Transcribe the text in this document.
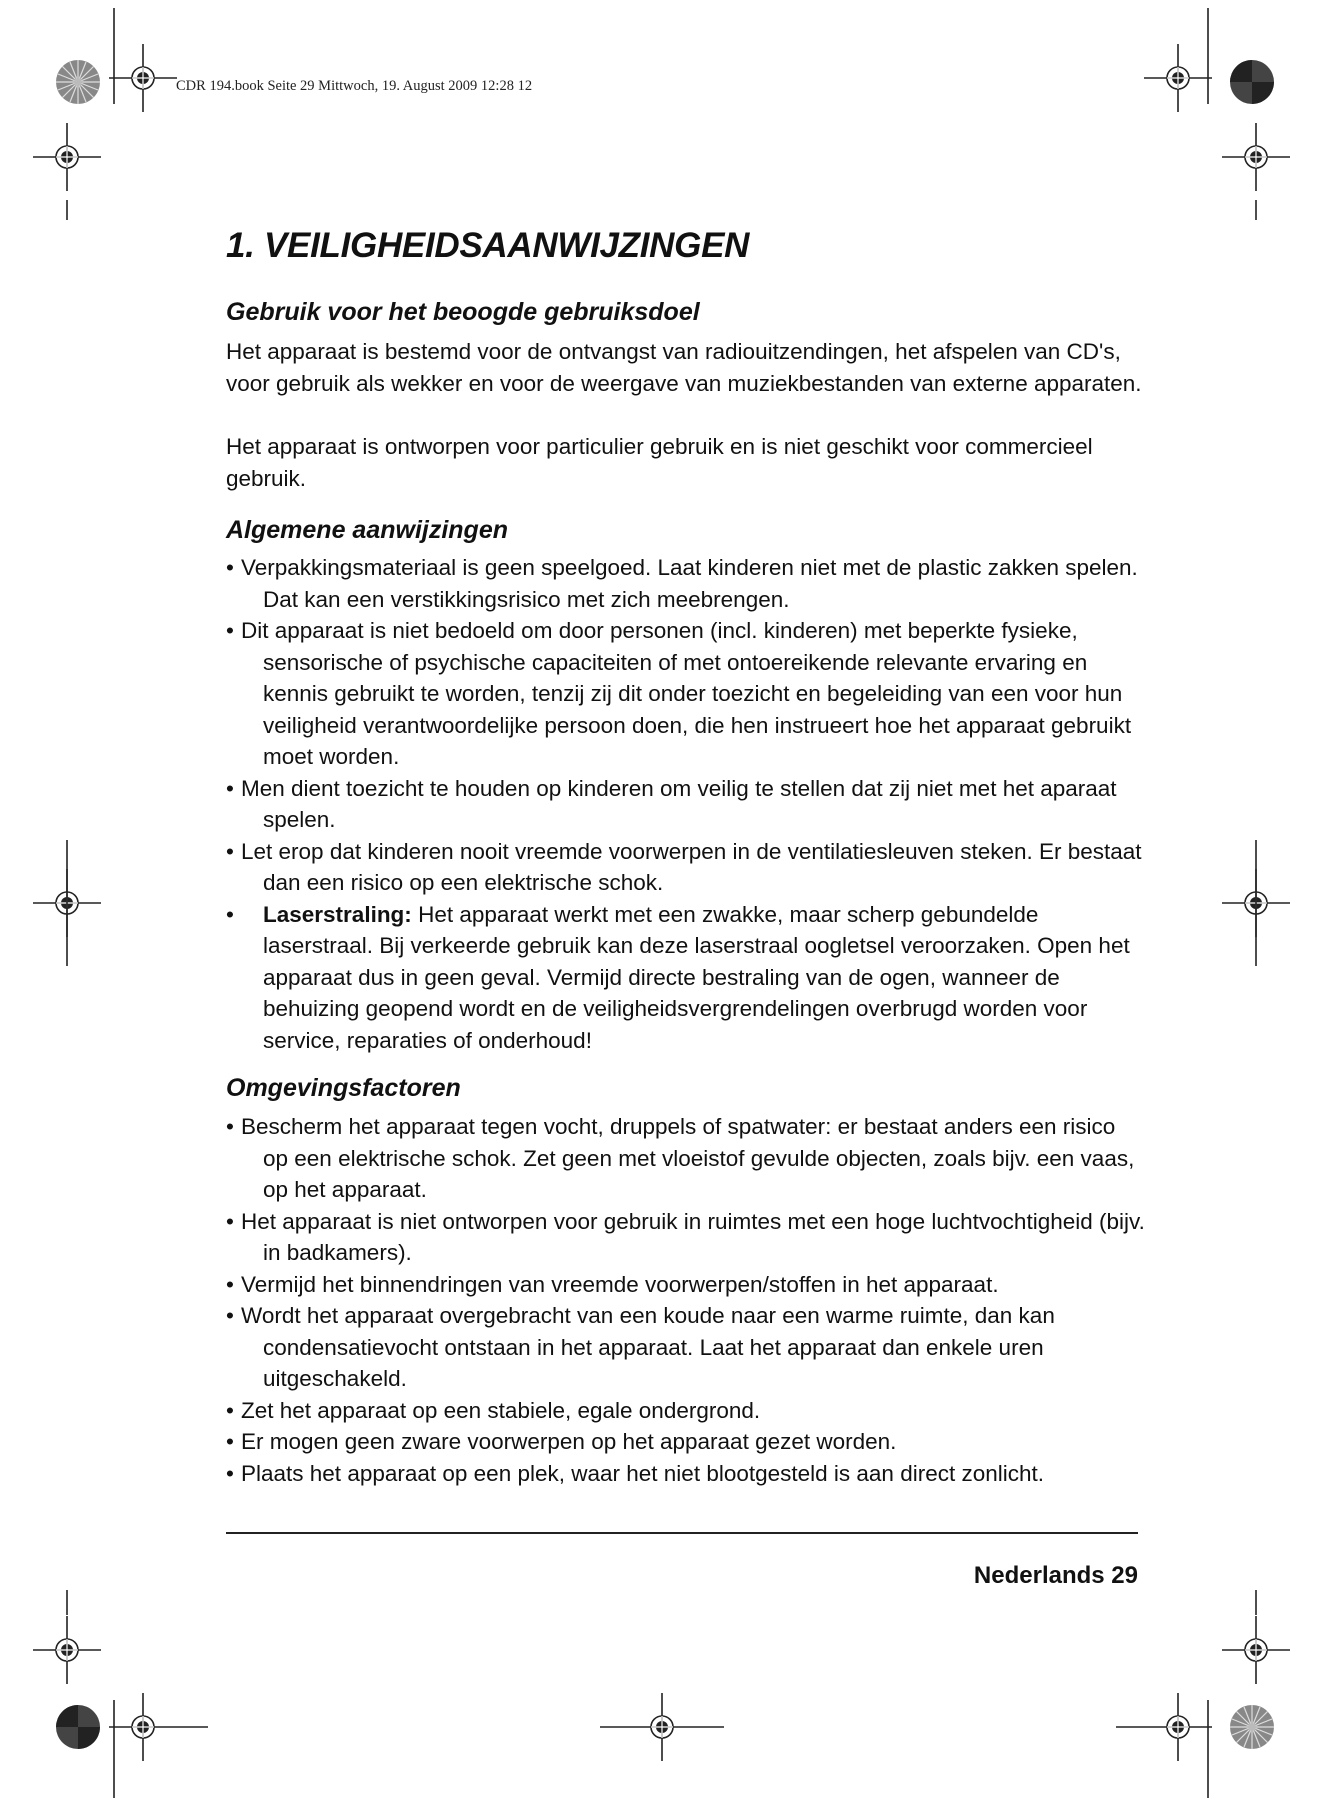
CDR 194.book Seite 29 Mittwoch, 19. August 2009 12:28 12
1. VEILIGHEIDSAANWIJZINGEN
Gebruik voor het beoogde gebruiksdoel

Het apparaat is bestemd voor de ontvangst van radiouitzendingen, het afspelen van CD's, voor gebruik als wekker en voor de weergave van muziekbestanden van externe apparaten.

Het apparaat is ontworpen voor particulier gebruik en is niet geschikt voor commercieel gebruik.

Algemene aanwijzingen
• Verpakkingsmateriaal is geen speelgoed. Laat kinderen niet met de plastic zakken spelen. Dat kan een verstikkingsrisico met zich meebrengen.
• Dit apparaat is niet bedoeld om door personen (incl. kinderen) met beperkte fysieke, sensorische of psychische capaciteiten of met ontoereikende relevante ervaring en kennis gebruikt te worden, tenzij zij dit onder toezicht en begeleiding van een voor hun veiligheid verantwoordelijke persoon doen, die hen instrueert hoe het apparaat gebruikt moet worden.
• Men dient toezicht te houden op kinderen om veilig te stellen dat zij niet met het aparaat spelen.
• Let erop dat kinderen nooit vreemde voorwerpen in de ventilatiesleuven steken. Er bestaat dan een risico op een elektrische schok.
• Laserstraling: Het apparaat werkt met een zwakke, maar scherp gebundelde laserstraal. Bij verkeerde gebruik kan deze laserstraal oogletsel veroorzaken. Open het apparaat dus in geen geval. Vermijd directe bestraling van de ogen, wanneer de behuizing geopend wordt en de veiligheidsvergrendelingen overbrugd worden voor service, reparaties of onderhoud!
Omgevingsfactoren
• Bescherm het apparaat tegen vocht, druppels of spatwater: er bestaat anders een risico op een elektrische schok. Zet geen met vloeistof gevulde objecten, zoals bijv. een vaas, op het apparaat.
• Het apparaat is niet ontworpen voor gebruik in ruimtes met een hoge luchtvochtigheid (bijv. in badkamers).
• Vermijd het binnendringen van vreemde voorwerpen/stoffen in het apparaat.
• Wordt het apparaat overgebracht van een koude naar een warme ruimte, dan kan condensatievocht ontstaan in het apparaat. Laat het apparaat dan enkele uren uitgeschakeld.
• Zet het apparaat op een stabiele, egale ondergrond.
• Er mogen geen zware voorwerpen op het apparaat gezet worden.
• Plaats het apparaat op een plek, waar het niet blootgesteld is aan direct zonlicht.
Nederlands 29
